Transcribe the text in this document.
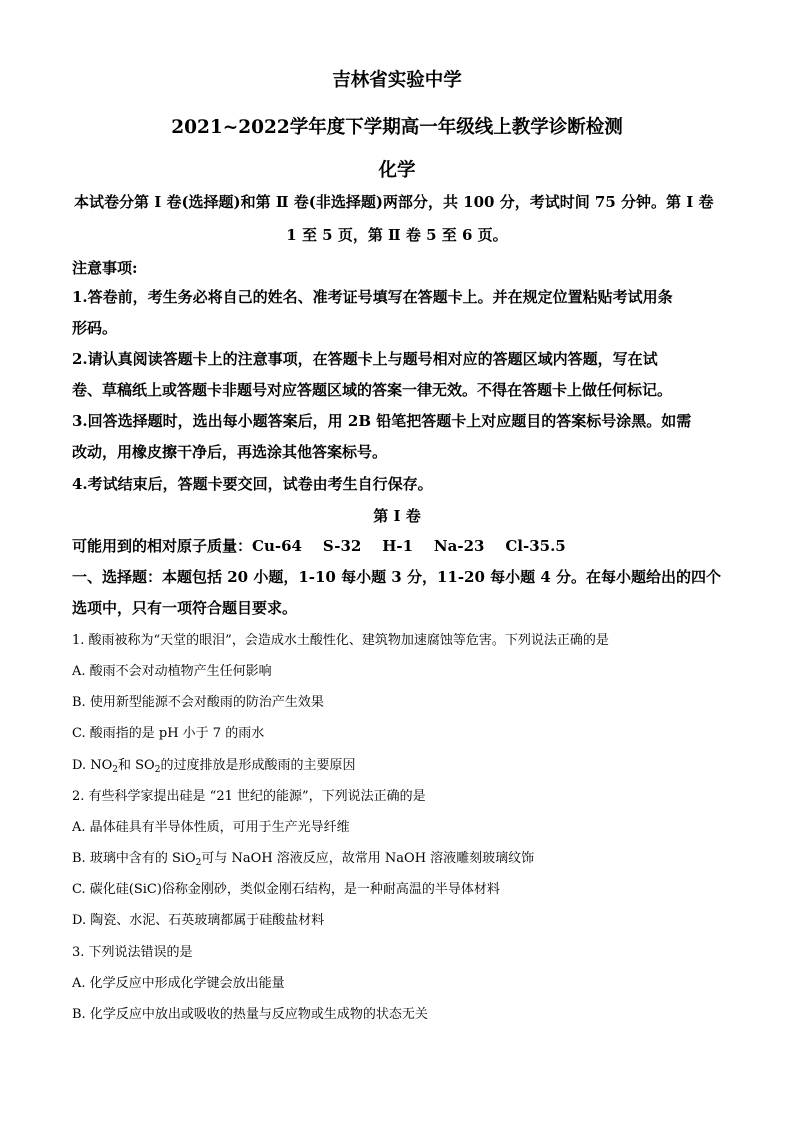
吉林省实验中学
2021~2022学年度下学期高一年级线上教学诊断检测
化学
本试卷分第 I 卷(选择题)和第 Ⅱ 卷(非选择题)两部分，共 100 分，考试时间 75 分钟。第 I 卷
1 至 5 页，第 Ⅱ 卷 5 至 6 页。
注意事项:
1.答卷前，考生务必将自己的姓名、准考证号填写在答题卡上。并在规定位置粘贴考试用条
形码。
2.请认真阅读答题卡上的注意事项，在答题卡上与题号相对应的答题区域内答题，写在试
卷、草稿纸上或答题卡非题号对应答题区域的答案一律无效。不得在答题卡上做任何标记。
3.回答选择题时，选出每小题答案后，用 2B 铅笔把答题卡上对应题目的答案标号涂黑。如需
改动，用橡皮擦干净后，再选涂其他答案标号。
4.考试结束后，答题卡要交回，试卷由考生自行保存。
第 I 卷
可能用到的相对原子质量：Cu-64    S-32    H-1    Na-23    Cl-35.5
一、选择题：本题包括 20 小题，1-10 每小题 3 分，11-20 每小题 4 分。在每小题给出的四个
选项中，只有一项符合题目要求。
1. 酸雨被称为“天堂的眼泪”，会造成水土酸性化、建筑物加速腐蚀等危害。下列说法正确的是
A. 酸雨不会对动植物产生任何影响
B. 使用新型能源不会对酸雨的防治产生效果
C. 酸雨指的是 pH 小于 7 的雨水
D. $NO_2$和 $SO_2$的过度排放是形成酸雨的主要原因
2. 有些科学家提出硅是 “21 世纪的能源”，下列说法正确的是
A. 晶体硅具有半导体性质，可用于生产光导纤维
B. 玻璃中含有的 SiO$_2$可与 NaOH 溶液反应，故常用 NaOH 溶液雕刻玻璃纹饰
C. 碳化硅(SiC)俗称金刚砂，类似金刚石结构，是一种耐高温的半导体材料
D. 陶瓷、水泥、石英玻璃都属于硅酸盐材料
3. 下列说法错误的是
A. 化学反应中形成化学键会放出能量
B. 化学反应中放出或吸收的热量与反应物或生成物的状态无关
